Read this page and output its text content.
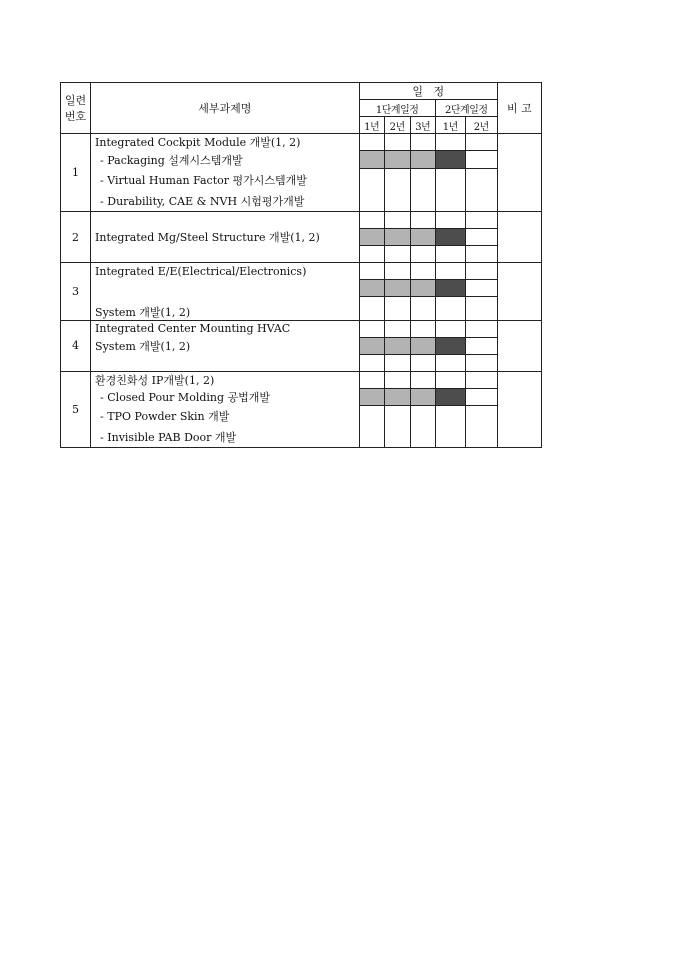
일련
번호	세부과제명	일   정					비 고
		1단계일정			2단계일정		
		1년	2년	3년	1년	2년	
1	Integrated Cockpit Module 개발(1, 2)						
	- Packaging 설계시스템개발						
	- Virtual Human Factor 평가시스템개발						
	- Durability, CAE & NVH 시험평가개발						
2	Integrated Mg/Steel Structure 개발(1, 2)						

3	Integrated E/E(Electrical/Electronics)						

	System 개발(1, 2)						
4	Integrated Center Mounting HVAC						
	System 개발(1, 2)						

5	환경친화성 IP개발(1, 2)						
	- Closed Pour Molding 공법개발						
	- TPO Powder Skin 개발						
	- Invisible PAB Door 개발						
